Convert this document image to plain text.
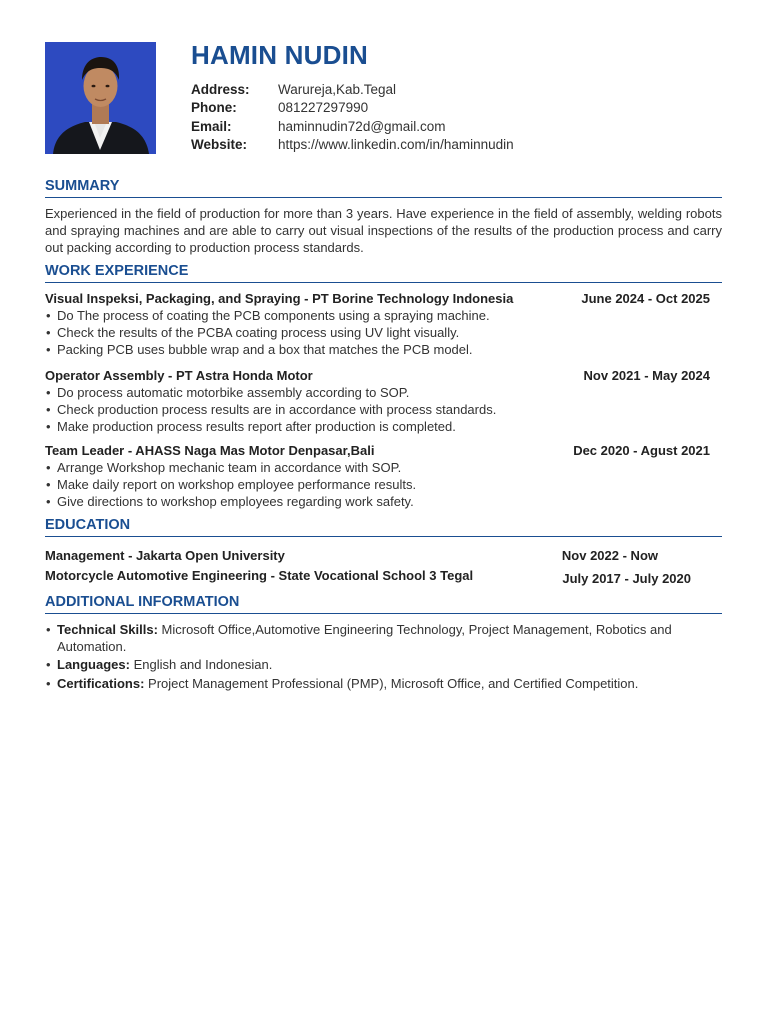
HAMIN NUDIN
Address:	Warureja,Kab.Tegal
Phone:	081227297990
Email:	haminnudin72d@gmail.com
Website:	https://www.linkedin.com/in/haminnudin
SUMMARY

Experienced in the field of production for more than 3 years. Have experience in the field of assembly, welding robots and spraying machines and are able to carry out visual inspections of the results of the production process and carry out packing according to production process standards.

WORK EXPERIENCE
Visual Inspeksi, Packaging, and Spraying - PT Borine Technology Indonesia	June 2024 - Oct 2025
• Do The process of coating the PCB components using a spraying machine.
• Check the results of the PCBA coating process using UV light visually.
• Packing PCB uses bubble wrap and a box that matches the PCB model.
Operator Assembly - PT Astra Honda Motor	Nov 2021 - May 2024
• Do process automatic motorbike assembly according to SOP.
• Check production process results are in accordance with process standards.
• Make production process results report after production is completed.
Team Leader - AHASS Naga Mas Motor Denpasar,Bali	Dec 2020 - Agust 2021
• Arrange Workshop mechanic team in accordance with SOP.
• Make daily report on workshop employee performance results.
• Give directions to workshop employees regarding work safety.
EDUCATION
Management - Jakarta Open University	Nov 2022 - Now
Motorcycle Automotive Engineering - State Vocational School 3 Tegal	July 2017 - July 2020
ADDITIONAL INFORMATION
• Technical Skills: Microsoft Office,Automotive Engineering Technology, Project Management, Robotics and Automation.
• Languages: English and Indonesian.
• Certifications: Project Management Professional (PMP), Microsoft Office, and Certified Competition.
